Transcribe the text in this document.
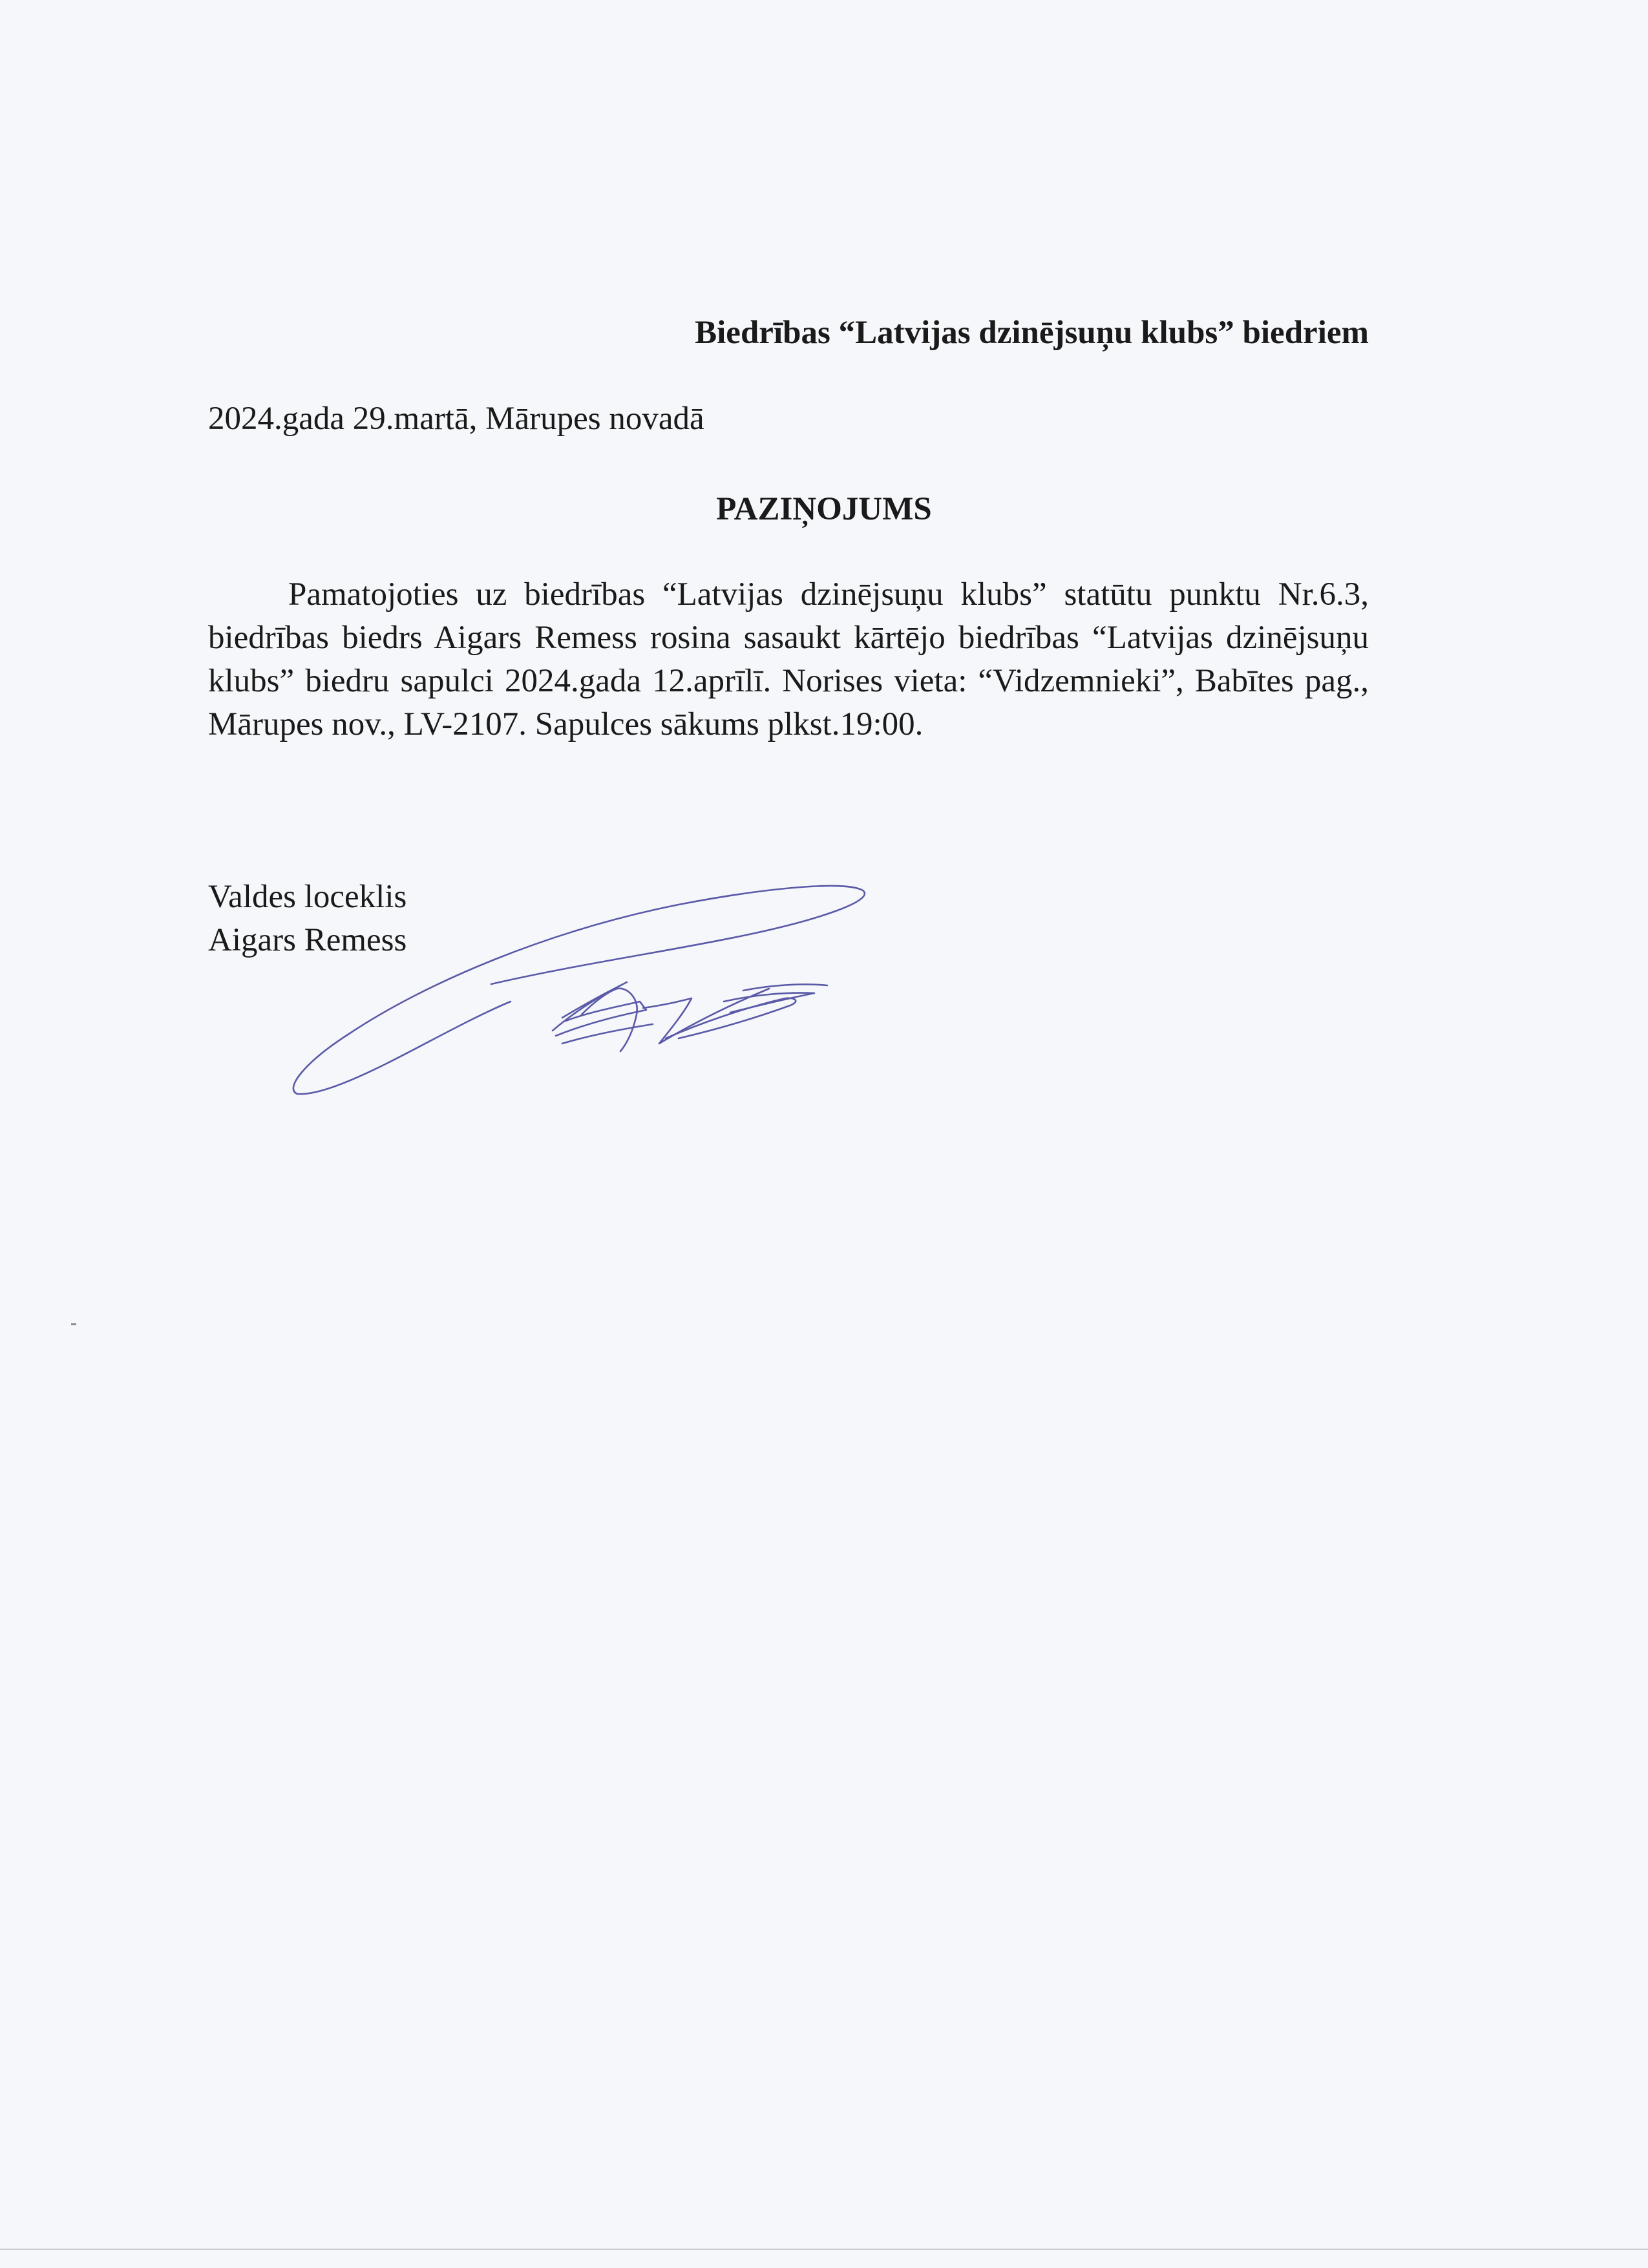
Biedrības “Latvijas dzinējsuņu klubs” biedriem
2024.gada 29.martā, Mārupes novadā
PAZIŅOJUMS
Pamatojoties uz biedrības “Latvijas dzinējsuņu klubs” statūtu punktu Nr.6.3, biedrības biedrs Aigars Remess rosina sasaukt kārtējo biedrības “Latvijas dzinējsuņu klubs” biedru sapulci 2024.gada 12.aprīlī. Norises vieta: “Vidzemnieki”, Babītes pag., Mārupes nov., LV-2107. Sapulces sākums plkst.19:00.
Valdes loceklis
Aigars Remess
